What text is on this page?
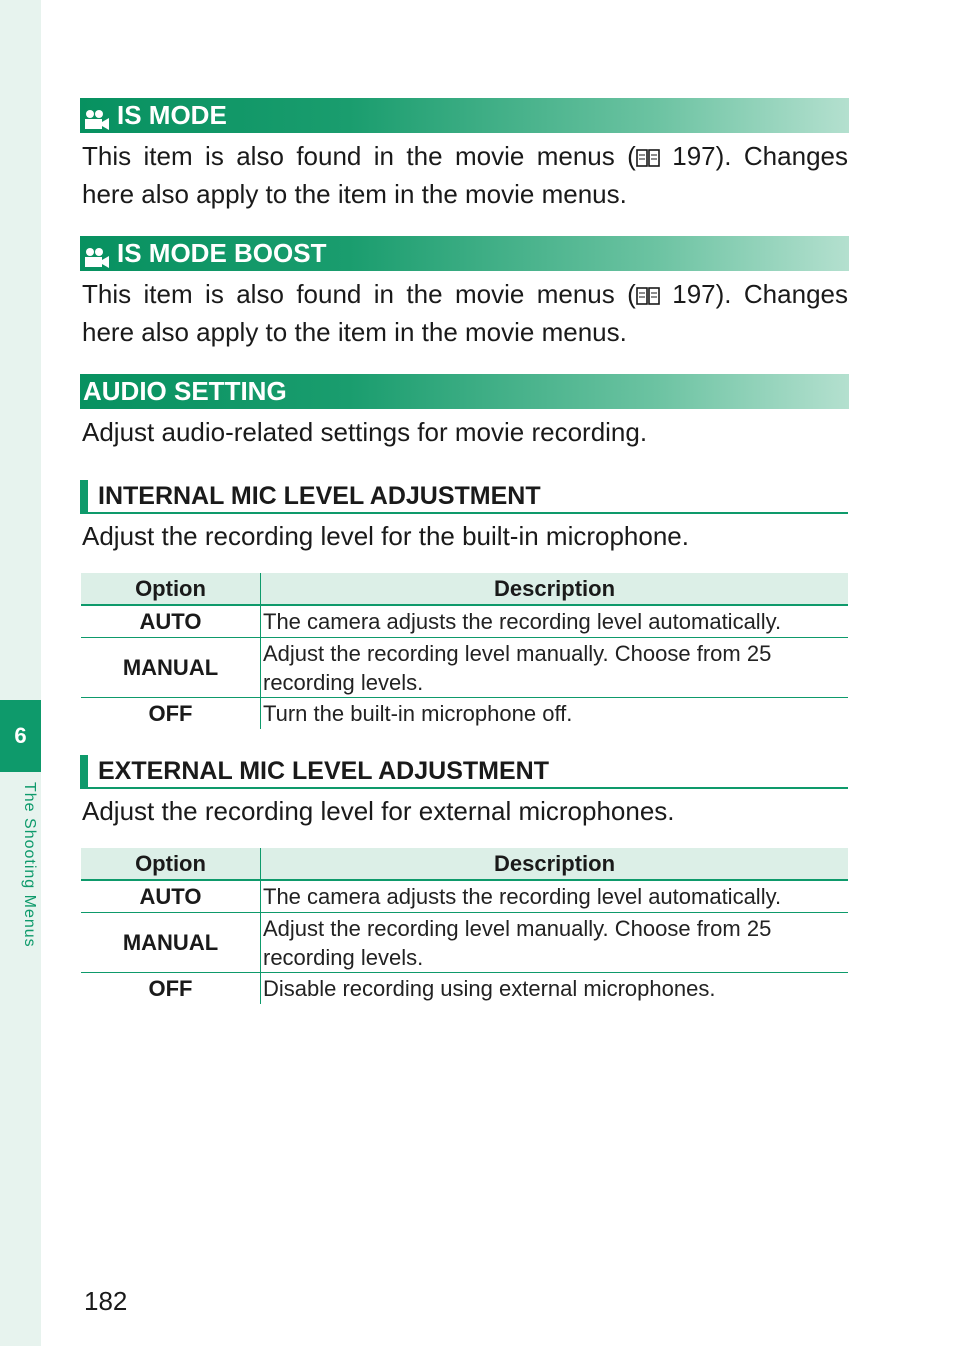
6
The Shooting Menus
IS MODE
This item is also found in the movie menus ( 197). Changes here also apply to the item in the movie menus.
IS MODE BOOST
This item is also found in the movie menus ( 197). Changes here also apply to the item in the movie menus.
AUDIO SETTING
Adjust audio-related settings for movie recording.
INTERNAL MIC LEVEL ADJUSTMENT
Adjust the recording level for the built-in microphone.
Option	Description
AUTO	The camera adjusts the recording level automatically.
MANUAL	Adjust the recording level manually. Choose from 25 recording levels.
OFF	Turn the built-in microphone off.
EXTERNAL MIC LEVEL ADJUSTMENT
Adjust the recording level for external microphones.
Option	Description
AUTO	The camera adjusts the recording level automatically.
MANUAL	Adjust the recording level manually. Choose from 25 recording levels.
OFF	Disable recording using external microphones.
182
